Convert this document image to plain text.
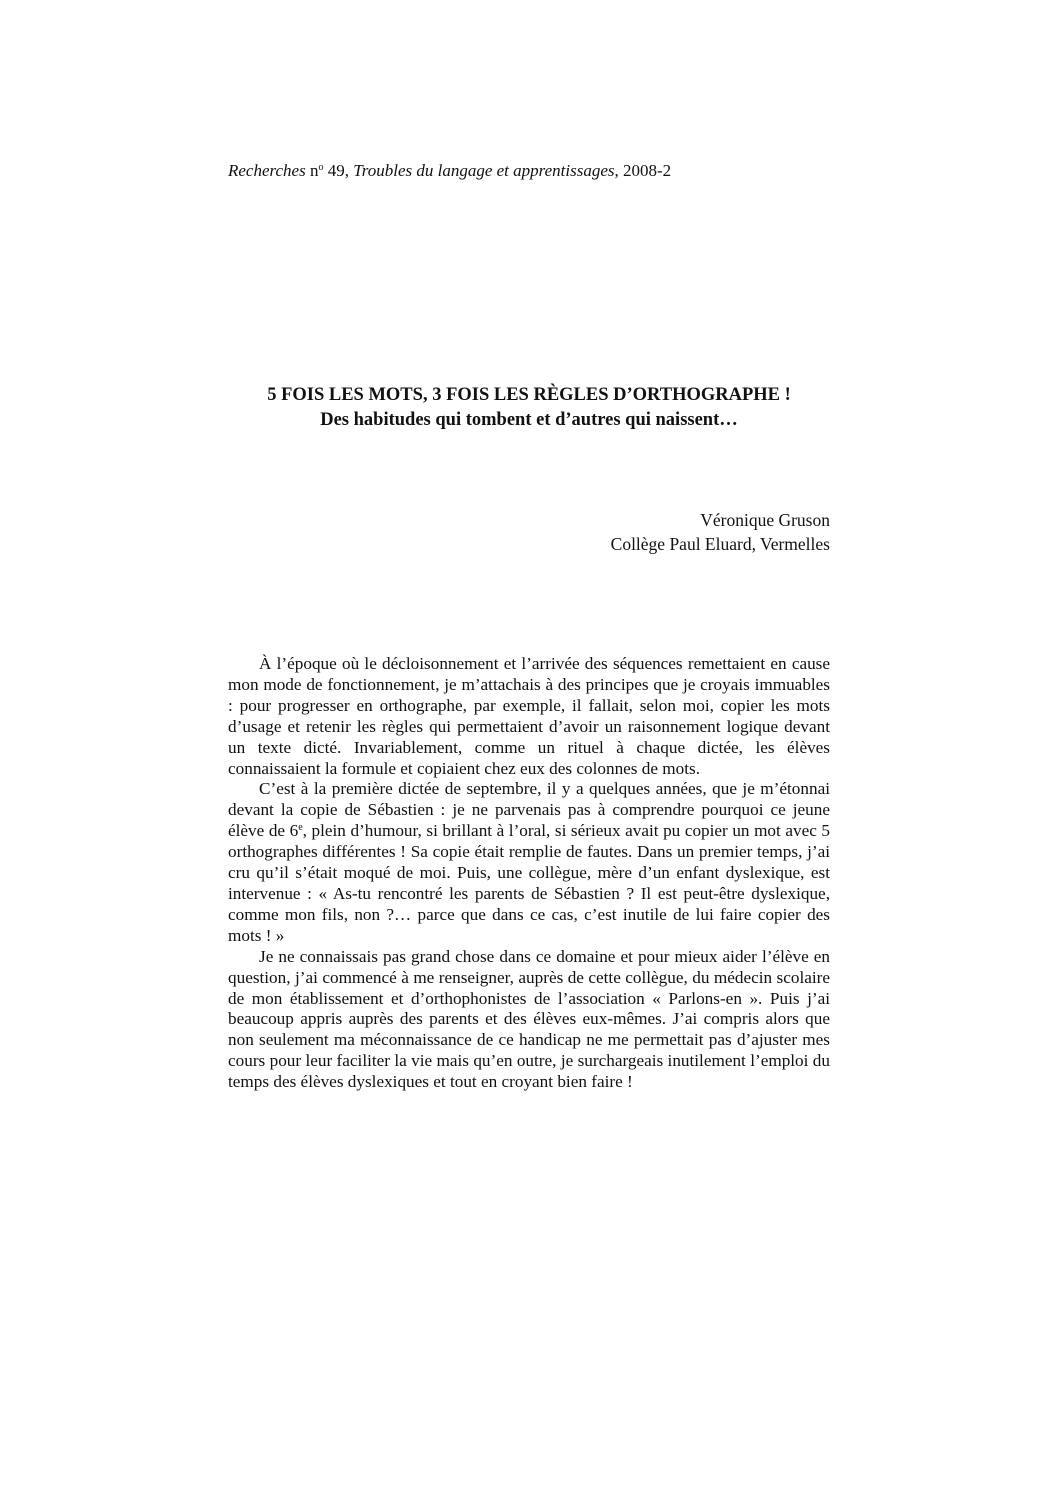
Recherches $n^o$ 49, Troubles du langage et apprentissages, 2008-2
5 FOIS LES MOTS, 3 FOIS LES RÈGLES D’ORTHOGRAPHE !
Des habitudes qui tombent et d’autres qui naissent…
Véronique Gruson
Collège Paul Eluard, Vermelles

À l’époque où le décloisonnement et l’arrivée des séquences remettaient en cause mon mode de fonctionnement, je m’attachais à des principes que je croyais immuables : pour progresser en orthographe, par exemple, il fallait, selon moi, copier les mots d’usage et retenir les règles qui permettaient d’avoir un raisonnement logique devant un texte dicté. Invariablement, comme un rituel à chaque dictée, les élèves connaissaient la formule et copiaient chez eux des colonnes de mots.

C’est à la première dictée de septembre, il y a quelques années, que je m’étonnai devant la copie de Sébastien : je ne parvenais pas à comprendre pourquoi ce jeune élève de 6e, plein d’humour, si brillant à l’oral, si sérieux avait pu copier un mot avec 5 orthographes différentes ! Sa copie était remplie de fautes. Dans un premier temps, j’ai cru qu’il s’était moqué de moi. Puis, une collègue, mère d’un enfant dyslexique, est intervenue : « As-tu rencontré les parents de Sébastien ? Il est peut-être dyslexique, comme mon fils, non ?… parce que dans ce cas, c’est inutile de lui faire copier des mots ! »

Je ne connaissais pas grand chose dans ce domaine et pour mieux aider l’élève en question, j’ai commencé à me renseigner, auprès de cette collègue, du médecin scolaire de mon établissement et d’orthophonistes de l’association « Parlons-en ». Puis j’ai beaucoup appris auprès des parents et des élèves eux-mêmes. J’ai compris alors que non seulement ma méconnaissance de ce handicap ne me permettait pas d’ajuster mes cours pour leur faciliter la vie mais qu’en outre, je surchargeais inutilement l’emploi du temps des élèves dyslexiques et tout en croyant bien faire !
